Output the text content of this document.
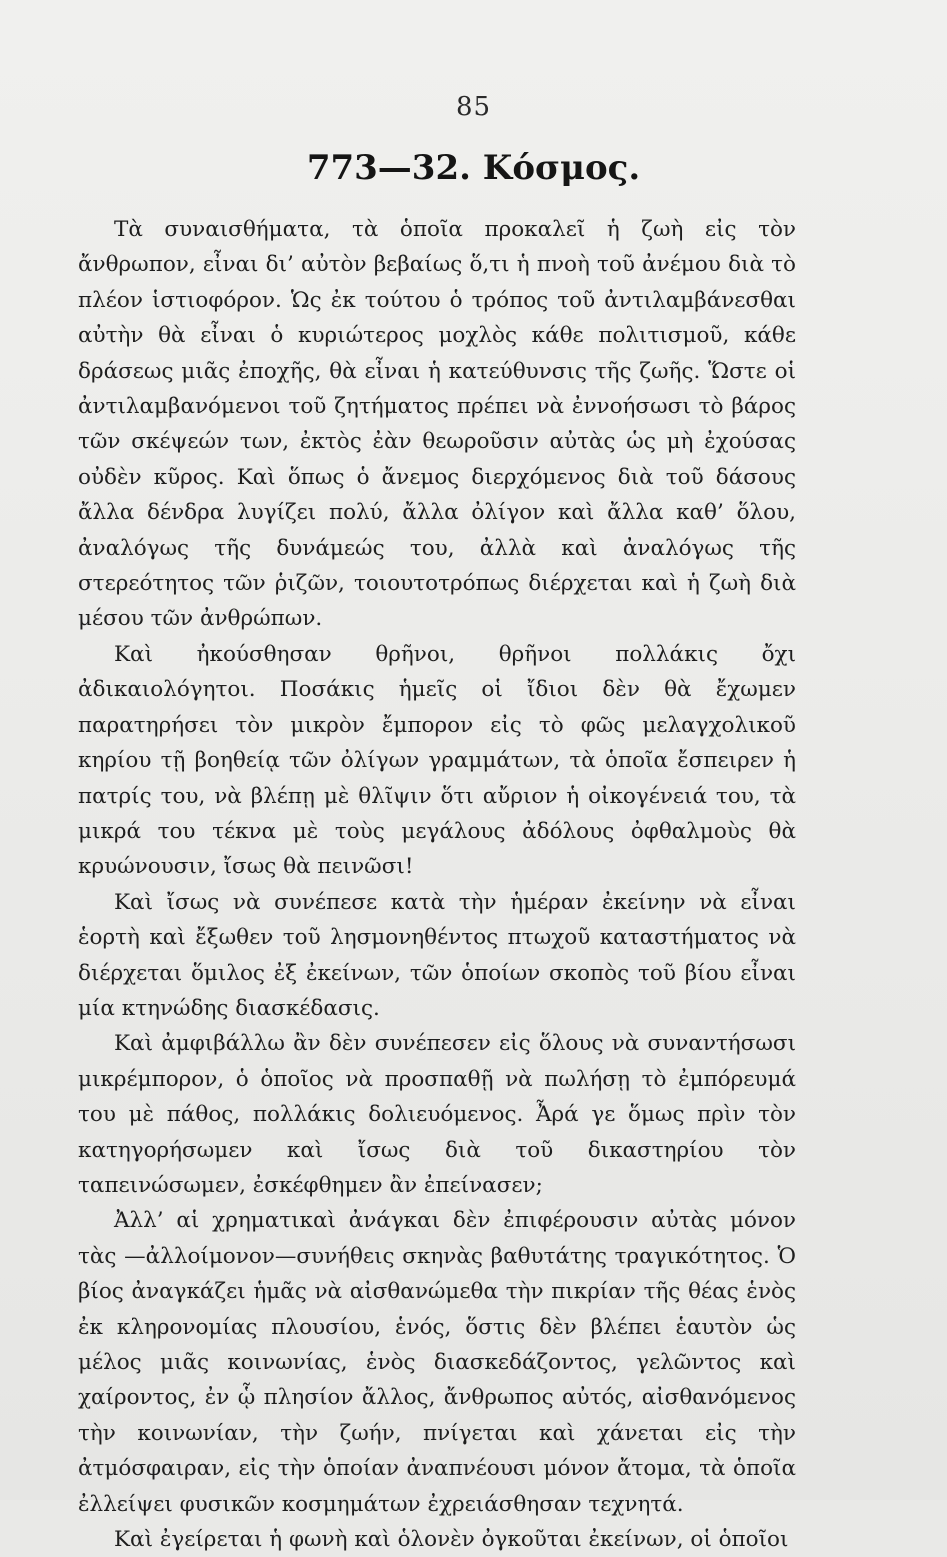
85
773—32. Κόσμος.

Τὰ συναισθήματα, τὰ ὁποῖα προκαλεῖ ἡ ζωὴ εἰς τὸν ἄνθρωπον, εἶναι δι’ αὐτὸν βεβαίως ὅ,τι ἡ πνοὴ τοῦ ἀνέμου διὰ τὸ πλέον ἱστιοφόρον. Ὡς ἐκ τούτου ὁ τρόπος τοῦ ἀντιλαμβάνεσθαι αὐτὴν θὰ εἶναι ὁ κυριώτερος μοχλὸς κάθε πολιτισμοῦ, κάθε δράσεως μιᾶς ἐποχῆς, θὰ εἶναι ἡ κατεύθυνσις τῆς ζωῆς. Ὥστε οἱ ἀντιλαμβανόμενοι τοῦ ζητήματος πρέπει νὰ ἐννοήσωσι τὸ βάρος τῶν σκέψεών των, ἐκτὸς ἐὰν θεωροῦσιν αὐτὰς ὡς μὴ ἐχούσας οὐδὲν κῦρος. Καὶ ὅπως ὁ ἄνεμος διερχόμενος διὰ τοῦ δάσους ἄλλα δένδρα λυγίζει πολύ, ἄλλα ὀλίγον καὶ ἄλλα καθ’ ὅλου, ἀναλόγως τῆς δυνάμεώς του, ἀλλὰ καὶ ἀναλόγως τῆς στερεότητος τῶν ῥιζῶν, τοιουτοτρόπως διέρχεται καὶ ἡ ζωὴ διὰ μέσου τῶν ἀνθρώπων.

Καὶ ἠκούσθησαν θρῆνοι, θρῆνοι πολλάκις ὄχι ἀδικαιολόγητοι. Ποσάκις ἡμεῖς οἱ ἴδιοι δὲν θὰ ἔχωμεν παρατηρήσει τὸν μικρὸν ἔμπορον εἰς τὸ φῶς μελαγχολικοῦ κηρίου τῇ βοηθείᾳ τῶν ὀλίγων γραμμάτων, τὰ ὁποῖα ἔσπειρεν ἡ πατρίς του, νὰ βλέπῃ μὲ θλῖψιν ὅτι αὔριον ἡ οἰκογένειά του, τὰ μικρά του τέκνα μὲ τοὺς μεγάλους ἀδόλους ὀφθαλμοὺς θὰ κρυώνουσιν, ἴσως θὰ πεινῶσι!

Καὶ ἴσως νὰ συνέπεσε κατὰ τὴν ἡμέραν ἐκείνην νὰ εἶναι ἑορτὴ καὶ ἔξωθεν τοῦ λησμονηθέντος πτωχοῦ καταστήματος νὰ διέρχεται ὅμιλος ἐξ ἐκείνων, τῶν ὁποίων σκοπὸς τοῦ βίου εἶναι μία κτηνώδης διασκέδασις.

Καὶ ἀμφιβάλλω ἂν δὲν συνέπεσεν εἰς ὅλους νὰ συναντήσωσι μικρέμπορον, ὁ ὁποῖος νὰ προσπαθῇ νὰ πωλήσῃ τὸ ἐμπόρευμά του μὲ πάθος, πολλάκις δολιευόμενος. Ἆρά γε ὅμως πρὶν τὸν κατηγορήσωμεν καὶ ἴσως διὰ τοῦ δικαστηρίου τὸν ταπεινώσωμεν, ἐσκέφθημεν ἂν ἐπείνασεν;

Ἀλλ’ αἱ χρηματικαὶ ἀνάγκαι δὲν ἐπιφέρουσιν αὐτὰς μόνον τὰς —ἀλλοίμονον—συνήθεις σκηνὰς βαθυτάτης τραγικότητος. Ὁ βίος ἀναγκάζει ἡμᾶς νὰ αἰσθανώμεθα τὴν πικρίαν τῆς θέας ἑνὸς ἐκ κληρονομίας πλουσίου, ἑνός, ὅστις δὲν βλέπει ἑαυτὸν ὡς μέλος μιᾶς κοινωνίας, ἑνὸς διασκεδάζοντος, γελῶντος καὶ χαίροντος, ἐν ᾧ πλησίον ἄλλος, ἄνθρωπος αὐτός, αἰσθανόμενος τὴν κοινωνίαν, τὴν ζωήν, πνίγεται καὶ χάνεται εἰς τὴν ἀτμόσφαιραν, εἰς τὴν ὁποίαν ἀναπνέουσι μόνον ἄτομα, τὰ ὁποῖα ἐλλείψει φυσικῶν κοσμημάτων ἐχρειάσθησαν τεχνητά.

Καὶ ἐγείρεται ἡ φωνὴ καὶ ὁλονὲν ὀγκοῦται ἐκείνων, οἱ ὁποῖοι
